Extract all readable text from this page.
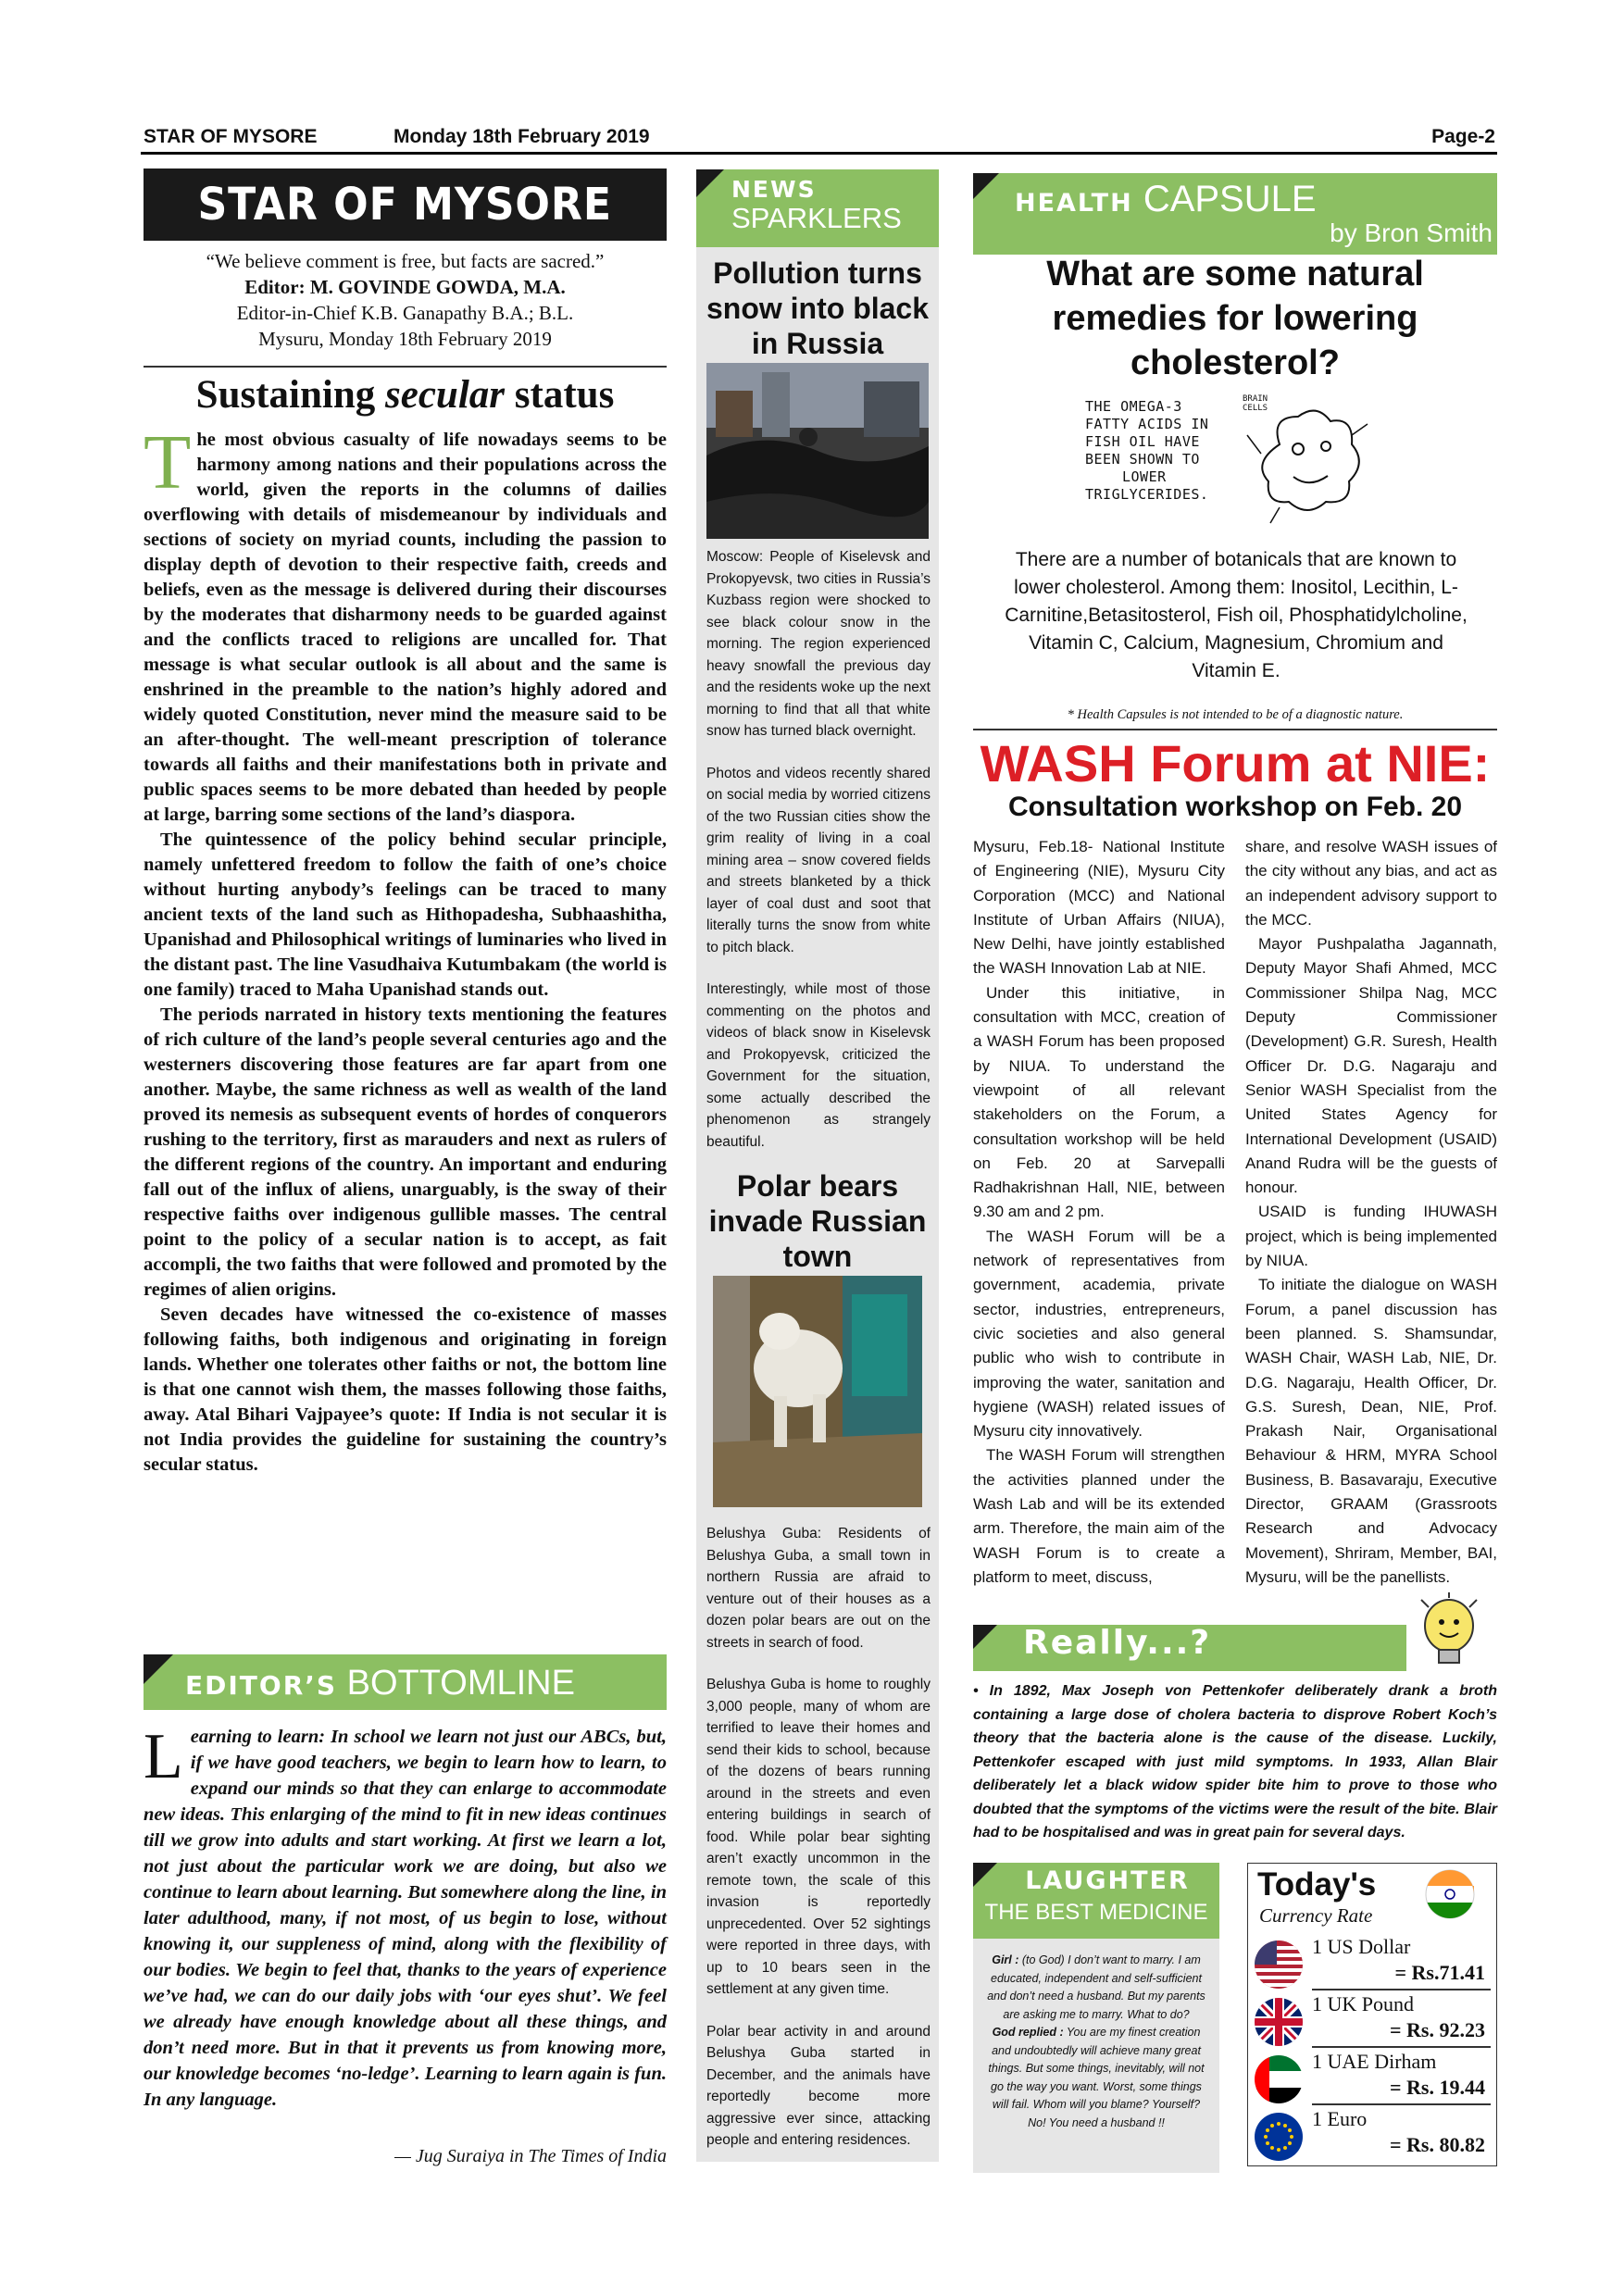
STAR OF MYSORE	Monday 18th February 2019	Page-2
STAR OF MYSORE
“We believe comment is free, but facts are sacred.”
Editor: M. GOVINDE GOWDA, M.A.
Editor-in-Chief K.B. Ganapathy B.A.; B.L.
Mysuru, Monday 18th February 2019
Sustaining secular status

The most obvious casualty of life nowadays seems to be harmony among nations and their populations across the world, given the reports in the columns of dailies overflowing with details of misdemeanour by individuals and sections of society on myriad counts, including the passion to display depth of devotion to their respective faith, creeds and beliefs, even as the message is delivered during their discourses by the moderates that disharmony needs to be guarded against and the conflicts traced to religions are uncalled for. That message is what secular outlook is all about and the same is enshrined in the preamble to the nation’s highly adored and widely quoted Constitution, never mind the measure said to be an after-thought. The well-meant prescription of tolerance towards all faiths and their manifestations both in private and public spaces seems to be more debated than heeded by people at large, barring some sections of the land’s diaspora.

The quintessence of the policy behind secular principle, namely unfettered freedom to follow the faith of one’s choice without hurting anybody’s feelings can be traced to many ancient texts of the land such as Hithopadesha, Subhaashitha, Upanishad and Philosophical writings of luminaries who lived in the distant past. The line Vasudhaiva Kutumbakam (the world is one family) traced to Maha Upanishad stands out.

The periods narrated in history texts mentioning the features of rich culture of the land’s people several centuries ago and the westerners discovering those features are far apart from one another. Maybe, the same richness as well as wealth of the land proved its nemesis as subsequent events of hordes of conquerors rushing to the territory, first as marauders and next as rulers of the different regions of the country. An important and enduring fall out of the influx of aliens, unarguably, is the sway of their respective faiths over indigenous gullible masses. The central point to the policy of a secular nation is to accept, as fait accompli, the two faiths that were followed and promoted by the regimes of alien origins.

Seven decades have witnessed the co-existence of masses following faiths, both indigenous and originating in foreign lands. Whether one tolerates other faiths or not, the bottom line is that one cannot wish them, the masses following those faiths, away. Atal Bihari Vajpayee’s quote: If India is not secular it is not India provides the guideline for sustaining the country’s secular status.

EDITOR’S BOTTOMLINE
Learning to learn: In school we learn not just our ABCs, but, if we have good teachers, we begin to learn how to learn, to expand our minds so that they can enlarge to accommodate new ideas. This enlarging of the mind to fit in new ideas continues till we grow into adults and start working. At first we learn a lot, not just about the particular work we are doing, but also we continue to learn about learning. But somewhere along the line, in later adulthood, many, if not most, of us begin to lose, without knowing it, our suppleness of mind, along with the flexibility of our bodies. We begin to feel that, thanks to the years of experience we’ve had, we can do our daily jobs with ‘our eyes shut’. We feel we already have enough knowledge about all these things, and don’t need more. But in that it prevents us from knowing more, our knowledge becomes ‘no-ledge’. Learning to learn again is fun. In any language.
— Jug Suraiya in The Times of India
NEWS
SPARKLERS
Pollution turns snow into black in Russia

Moscow: People of Kiselevsk and Prokopyevsk, two cities in Russia’s Kuzbass region were shocked to see black colour snow in the morning. The region experienced heavy snowfall the previous day and the residents woke up the next morning to find that all that white snow has turned black overnight.

Photos and videos recently shared on social media by worried citizens of the two Russian cities show the grim reality of living in a coal mining area – snow covered fields and streets blanketed by a thick layer of coal dust and soot that literally turns the snow from white to pitch black.

Interestingly, while most of those commenting on the photos and videos of black snow in Kiselevsk and Prokopyevsk, criticized the Government for the situation, some actually described the phenomenon as strangely beautiful.

Polar bears invade Russian town

Belushya Guba: Residents of Belushya Guba, a small town in northern Russia are afraid to venture out of their houses as a dozen polar bears are out on the streets in search of food.

Belushya Guba is home to roughly 3,000 people, many of whom are terrified to leave their homes and send their kids to school, because of the dozens of bears running around in the streets and even entering buildings in search of food. While polar bear sighting aren’t exactly uncommon in the remote town, the scale of this invasion is reportedly unprecedented. Over 52 sightings were reported in three days, with up to 10 bears seen in the settlement at any given time.

Polar bear activity in and around Belushya Guba started in December, and the animals have reportedly become more aggressive ever since, attacking people and entering residences.

HEALTH CAPSULE
by Bron Smith
What are some natural remedies for lowering cholesterol?
THE OMEGA-3
FATTY ACIDS IN
FISH OIL HAVE
BEEN SHOWN TO
LOWER
TRIGLYCERIDES.
BRAIN CELLS
There are a number of botanicals that are known to lower cholesterol. Among them: Inositol, Lecithin, L-Carnitine,Betasitosterol, Fish oil, Phosphatidylcholine, Vitamin C, Calcium, Magnesium, Chromium and Vitamin E.
* Health Capsules is not intended to be of a diagnostic nature.
WASH Forum at NIE:
Consultation workshop on Feb. 20

Mysuru, Feb.18- National Institute of Engineering (NIE), Mysuru City Corporation (MCC) and National Institute of Urban Affairs (NIUA), New Delhi, have jointly established the WASH Innovation Lab at NIE.

Under this initiative, in consultation with MCC, creation of a WASH Forum has been proposed by NIUA. To understand the viewpoint of all relevant stakeholders on the Forum, a consultation workshop will be held on Feb. 20 at Sarvepalli Radhakrishnan Hall, NIE, between 9.30 am and 2 pm.

The WASH Forum will be a network of representatives from government, academia, private sector, industries, entrepreneurs, civic societies and also general public who wish to contribute in improving the water, sanitation and hygiene (WASH) related issues of Mysuru city innovatively.

The WASH Forum will strengthen the activities planned under the Wash Lab and will be its extended arm. Therefore, the main aim of the WASH Forum is to create a platform to meet, discuss,

share, and resolve WASH issues of the city without any bias, and act as an independent advisory support to the MCC.

Mayor Pushpalatha Jagannath, Deputy Mayor Shafi Ahmed, MCC Commissioner Shilpa Nag, MCC Deputy Commissioner (Development) G.R. Suresh, Health Officer Dr. D.G. Nagaraju and Senior WASH Specialist from the United States Agency for International Development (USAID) Anand Rudra will be the guests of honour.

USAID is funding IHUWASH project, which is being implemented by NIUA.

To initiate the dialogue on WASH Forum, a panel discussion has been planned. S. Shamsundar, WASH Chair, WASH Lab, NIE, Dr. D.G. Nagaraju, Health Officer, Dr. G.S. Suresh, Dean, NIE, Prof. Prakash Nair, Organisational Behaviour & HRM, MYRA School Business, B. Basavaraju, Executive Director, GRAAM (Grassroots Research and Advocacy Movement), Shriram, Member, BAI, Mysuru, will be the panellists.

Really...?
• In 1892, Max Joseph von Pettenkofer deliberately drank a broth containing a large dose of cholera bacteria to disprove Robert Koch’s theory that the bacteria alone is the cause of the disease. Luckily, Pettenkofer escaped with just mild symptoms. In 1933, Allan Blair deliberately let a black widow spider bite him to prove to those who doubted that the symptoms of the victims were the result of the bite. Blair had to be hospitalised and was in great pain for several days.
LAUGHTER
THE BEST MEDICINE
Girl : (to God) I don’t want to marry. I am educated, independent and self-sufficient and don’t need a husband. But my parents are asking me to marry. What to do?
God replied : You are my finest creation and undoubtedly will achieve many great things. But some things, inevitably, will not go the way you want. Worst, some things will fail. Whom will you blame? Yourself? No! You need a husband !!
Today's
Currency Rate
1 US Dollar
= Rs.71.41
1 UK Pound
= Rs. 92.23
1 UAE Dirham
= Rs. 19.44
1 Euro
= Rs. 80.82
